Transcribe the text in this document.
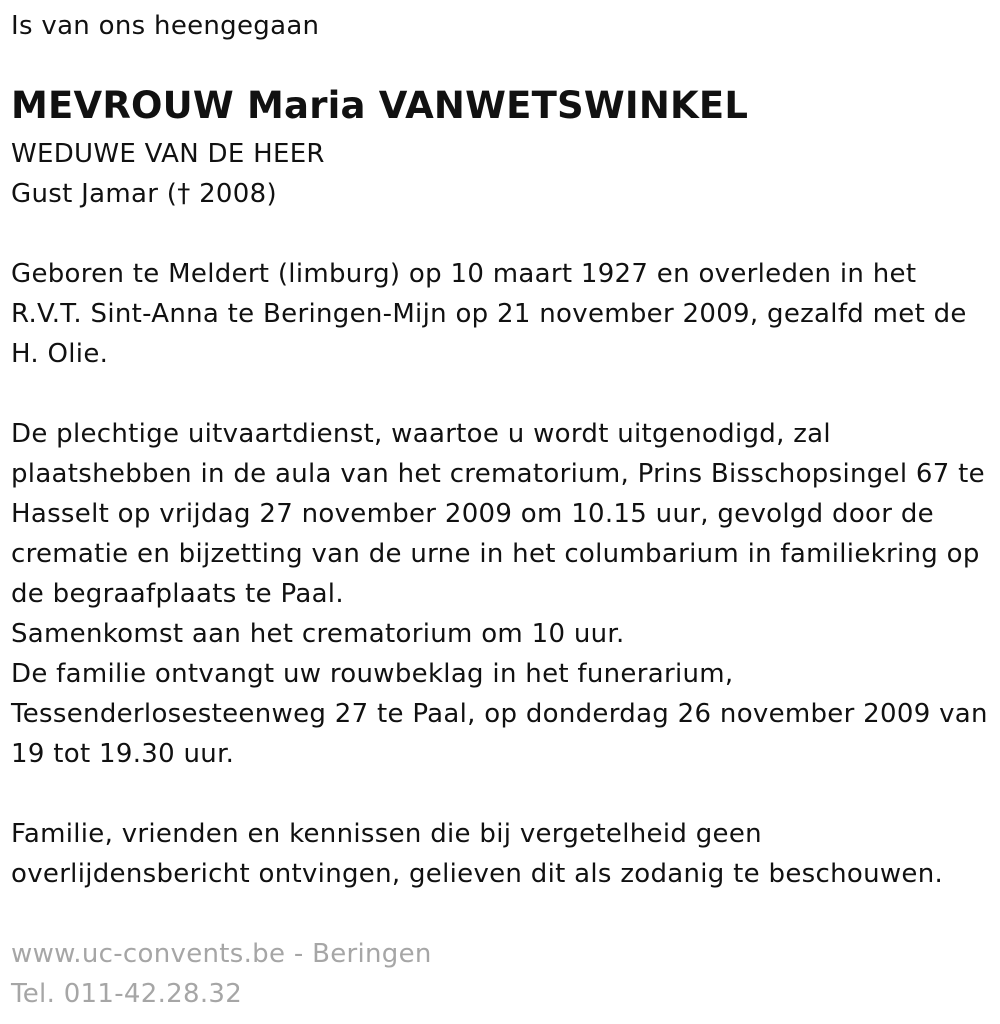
Is van ons heengegaan
MEVROUW Maria VANWETSWINKEL
WEDUWE VAN DE HEER
Gust Jamar († 2008)
Geboren te Meldert (limburg) op 10 maart 1927 en overleden in het
R.V.T. Sint-Anna te Beringen-Mijn op 21 november 2009, gezalfd met de
H. Olie.
De plechtige uitvaartdienst, waartoe u wordt uitgenodigd, zal
plaatshebben in de aula van het crematorium, Prins Bisschopsingel 67 te
Hasselt op vrijdag 27 november 2009 om 10.15 uur, gevolgd door de
crematie en bijzetting van de urne in het columbarium in familiekring op
de begraafplaats te Paal.
Samenkomst aan het crematorium om 10 uur.
De familie ontvangt uw rouwbeklag in het funerarium,
Tessenderlosesteenweg 27 te Paal, op donderdag 26 november 2009 van
19 tot 19.30 uur.
Familie, vrienden en kennissen die bij vergetelheid geen
overlijdensbericht ontvingen, gelieven dit als zodanig te beschouwen.
www.uc-convents.be - Beringen
Tel. 011-42.28.32
